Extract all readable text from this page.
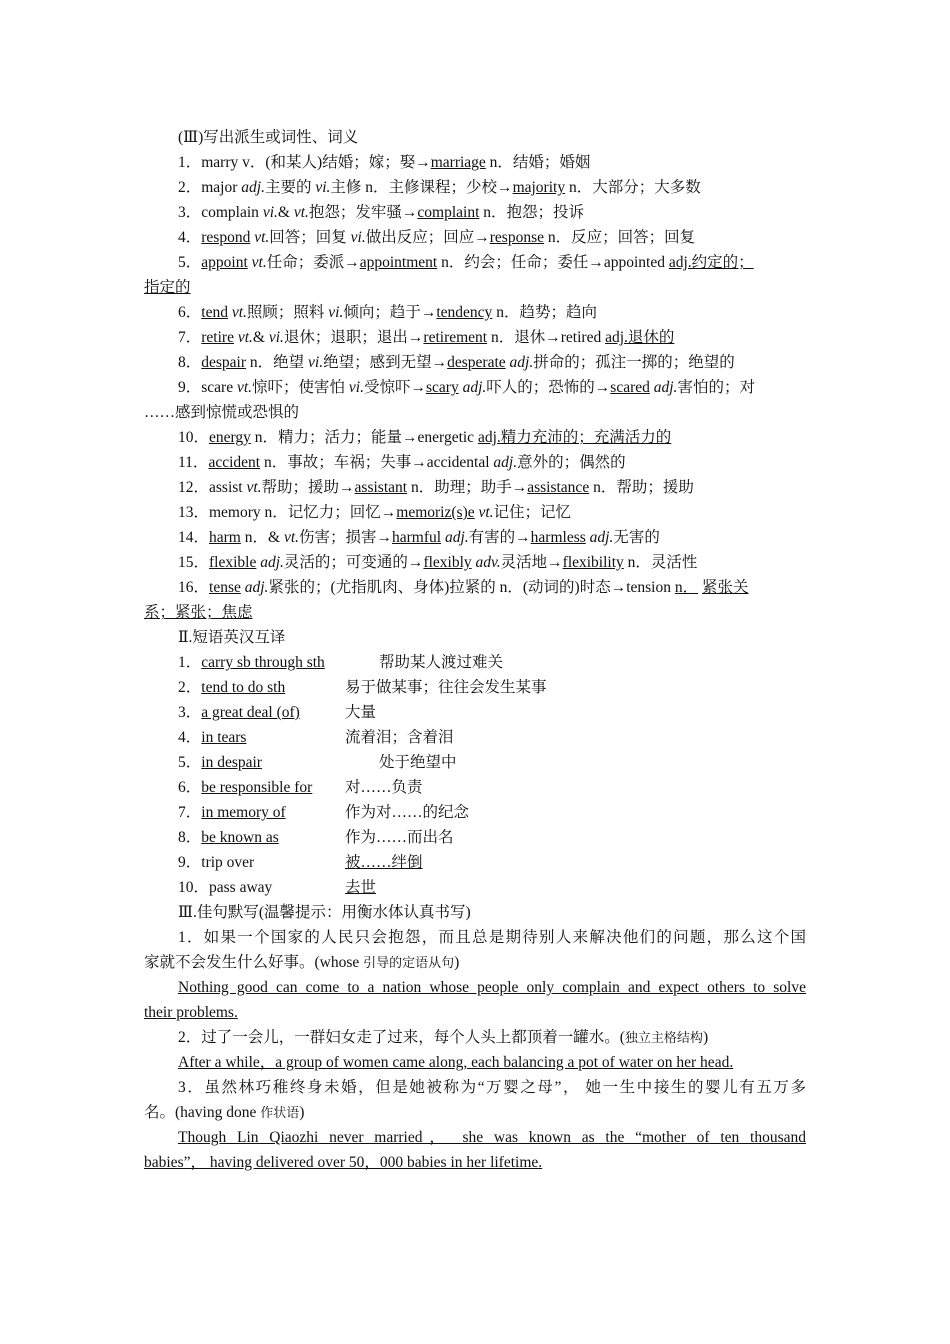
(Ⅲ)写出派生或词性、词义
1．marry v．(和某人)结婚；嫁；娶→marriage n．结婚；婚姻
2．major adj.主要的 vi.主修 n．主修课程；少校→majority n．大部分；大多数
3．complain vi.& vt.抱怨；发牢骚→complaint n．抱怨；投诉
4．respond vt.回答；回复 vi.做出反应；回应→response n．反应；回答；回复
5．appoint vt.任命；委派→appointment n．约会；任命；委任→appointed adj.约定的；
指定的
6．tend vt.照顾；照料 vi.倾向；趋于→tendency n．趋势；趋向
7．retire vt.& vi.退休；退职；退出→retirement n．退休→retired adj.退休的
8．despair n．绝望 vi.绝望；感到无望→desperate adj.拼命的；孤注一掷的；绝望的
9．scare vt.惊吓；使害怕 vi.受惊吓→scary adj.吓人的；恐怖的→scared adj.害怕的；对
……感到惊慌或恐惧的
10．energy n．精力；活力；能量→energetic adj.精力充沛的；充满活力的
11．accident n．事故；车祸；失事→accidental adj.意外的；偶然的
12．assist vt.帮助；援助→assistant n．助理；助手→assistance n．帮助；援助
13．memory n．记忆力；回忆→memoriz(s)e vt.记住；记忆
14．harm n．& vt.伤害；损害→harmful adj.有害的→harmless adj.无害的
15．flexible adj.灵活的；可变通的→flexibly adv.灵活地→flexibility n．灵活性
16．tense adj.紧张的；(尤指肌肉、身体)拉紧的 n．(动词的)时态→tension n． 紧张关
系；紧张；焦虑
Ⅱ.短语英汉互译
1．carry sb through sth	帮助某人渡过难关
2．tend to do sth	易于做某事；往往会发生某事
3．a great deal (of)	大量
4．in tears	流着泪；含着泪
5．in despair	处于绝望中
6．be responsible for 对……负责
7．in memory of	作为对……的纪念
8．be known as	作为……而出名
9．trip over	被……绊倒
10．pass away	去世
Ⅲ.佳句默写(温馨提示：用衡水体认真书写)
1．如果一个国家的人民只会抱怨，而且总是期待别人来解决他们的问题，那么这个国
家就不会发生什么好事。(whose 引导的定语从句)
Nothing good can come to a nation whose people only complain and expect others to solve
their problems.
2．过了一会儿，一群妇女走了过来，每个人头上都顶着一罐水。(独立主格结构)
After a while，a group of women came along, each balancing a pot of water on her head.
3．虽然林巧稚终身未婚，但是她被称为“万婴之母”， 她一生中接生的婴儿有五万多
名。(having done 作状语)
Though Lin Qiaozhi never married， she was known as the “mother of ten thousand
babies”， having delivered over 50，000 babies in her lifetime.
